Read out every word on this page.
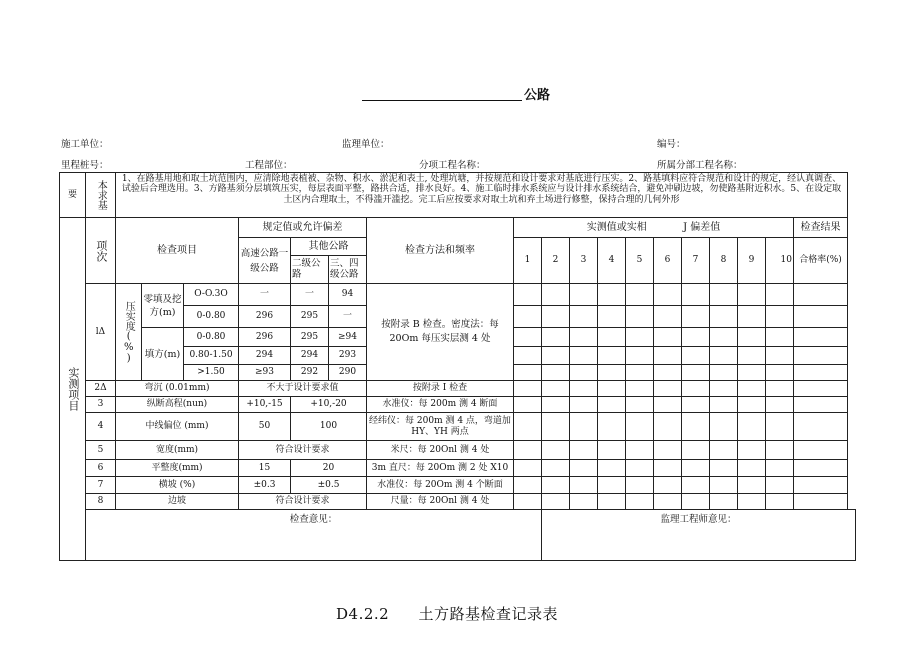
公路
施工单位：	监理单位：	编号：
里程桩号：	工程部位：	分项工程名称：	所属分部工程名称：
要	本求基	1、在路基用地和取土坑范围内，应清除地表植被、杂物、积水、淤泥和表土, 处理坑塘，并按规范和设计要求对基底进行压实。2、路基填料应符合规范和设计的规定，经认真调查、试验后合理选用。3、方路基须分层填筑压实，每层表面平整，路拱合适，排水良好。4、施工临时排水系统应与设计排水系统结合，避免冲刷边坡，勿使路基附近积水。5、在设定取土区内合理取土，不得滥开滥挖。完工后应按要求对取土坑和弃土场进行修整，保持合理的几何外形																	
实测项目	项次	检查项目			规定值或允许偏差			检查方法和频率	实测值或实相 J 偏差值										检查结果
					高速公路一级公路	其他公路			1	2	3	4	5	6	7	8	9	10	合格率(%)
						二级公路	三、四级公路												
	lΔ	压实度(%)	零填及挖方(m)	O-O.3O	一	一	94	按附录 B 检查。密度法：每 20Om 每压实层测 4 处											
				0-0.80	296	295	一												
			填方(m)	0-0.80	296	295	≥94												
				0.80-1.50	294	294	293												
				>1.50	≥93	292	290												
	2Δ	弯沉 (0.01mm)			不大于设计要求值			按附录 I 检查											
	3	纵断高程(nun)			+10,-15	+10,-20		水准仪：每 200m 测 4 断面											
	4	中线偏位 (mm)			50	100		经纬仪：每 200m 测 4 点，弯道加 HY、YH 两点											
	5	宽度(mm)			符合设计要求			米尺：每 20Onl 测 4 处											
	6	平整度(mm)			15	20		3m 直尺：每 20Om 测 2 处 X10											
	7	横坡 (%)			±0.3	±0.5		水准仪：每 20Om 测 4 个断面											
	8	边坡			符合设计要求			尺量：每 20Onl 测 4 处											
	检查意见：									监理工程师意见：									
D4.2.2 土方路基检查记录表
